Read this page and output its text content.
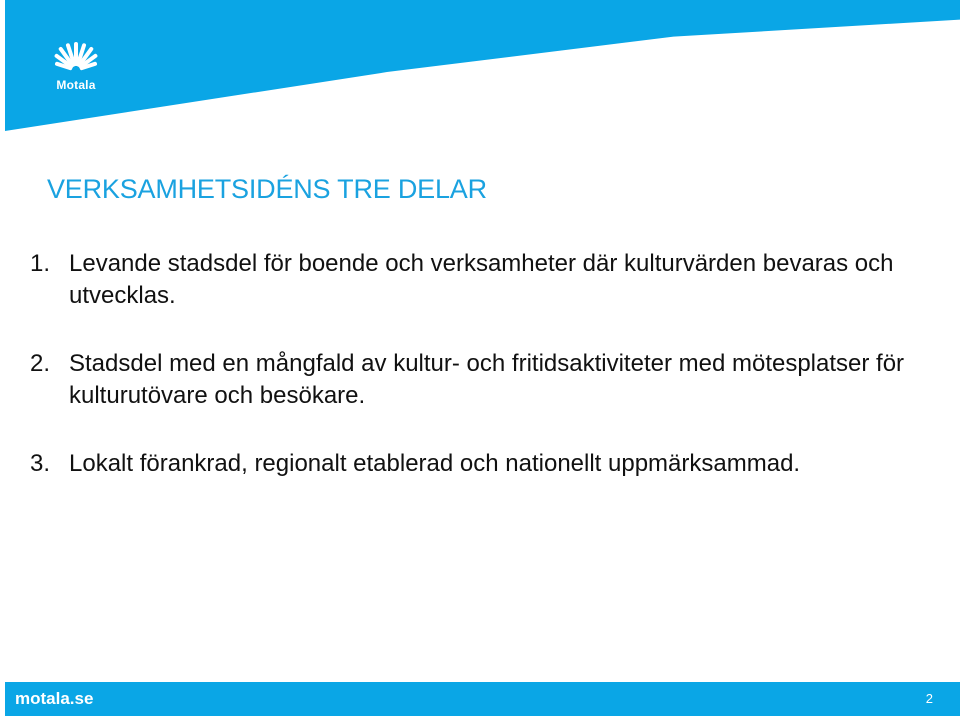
Motala
VERKSAMHETSIDÉNS TRE DELAR
1. Levande stadsdel för boende och verksamheter där kulturvärden bevaras och utvecklas.
2. Stadsdel med en mångfald av kultur- och fritidsaktiviteter med mötesplatser för kulturutövare och besökare.
3. Lokalt förankrad, regionalt etablerad och nationellt uppmärksammad.
motala.se	2
